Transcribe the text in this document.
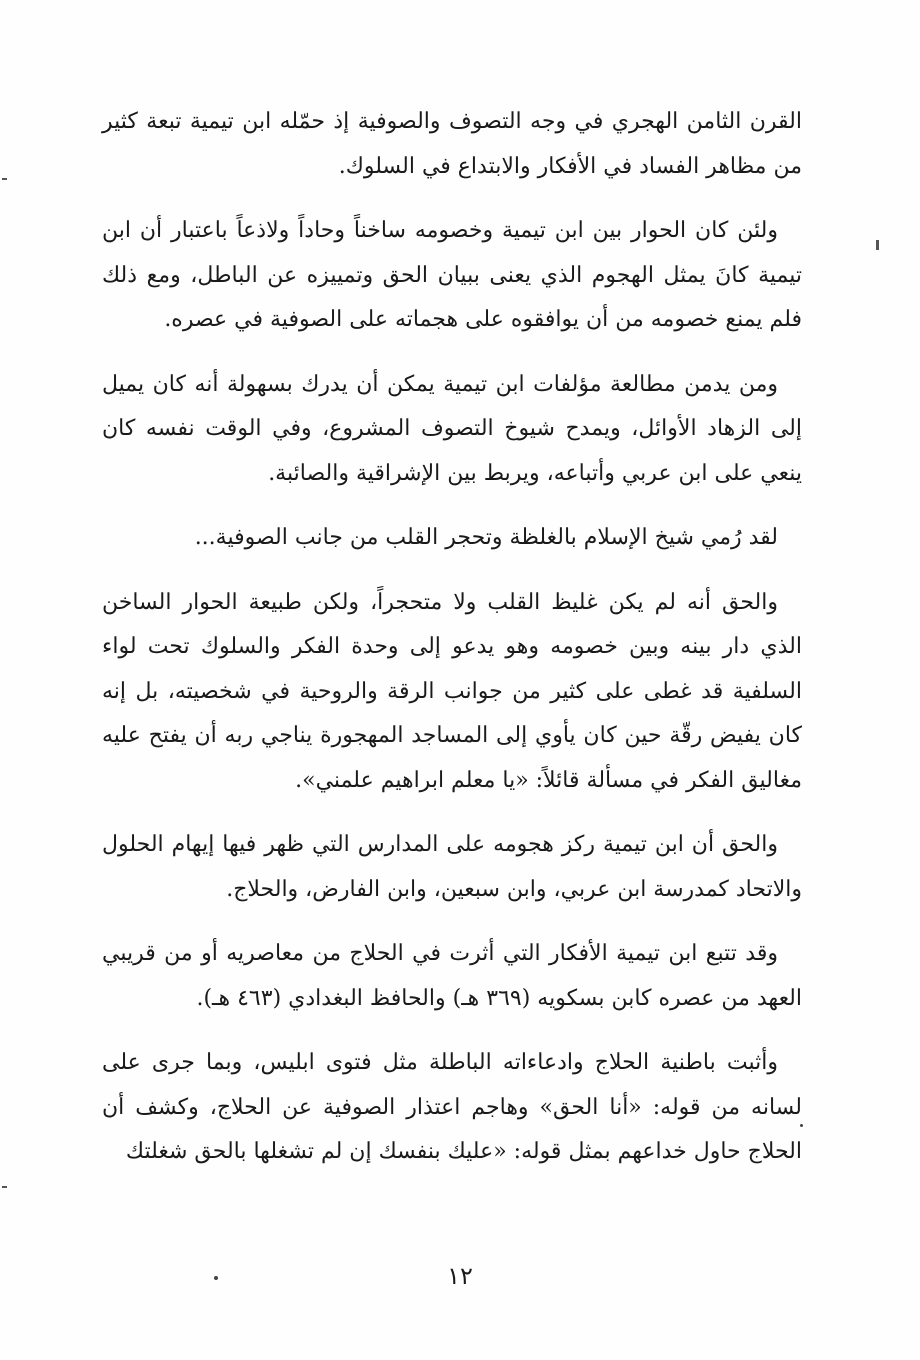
القرن الثامن الهجري في وجه التصوف والصوفية إذ حمّله ابن تيمية تبعة كثير من مظاهر الفساد في الأفكار والابتداع في السلوك.

ولئن كان الحوار بين ابن تيمية وخصومه ساخناً وحاداً ولاذعاً باعتبار أن ابن تيمية كانَ يمثل الهجوم الذي يعنى ببيان الحق وتمييزه عن الباطل، ومع ذلك فلم يمنع خصومه من أن يوافقوه على هجماته على الصوفية في عصره.

ومن يدمن مطالعة مؤلفات ابن تيمية يمكن أن يدرك بسهولة أنه كان يميل إلى الزهاد الأوائل، ويمدح شيوخ التصوف المشروع، وفي الوقت نفسه كان ينعي على ابن عربي وأتباعه، ويربط بين الإشراقية والصائبة.

لقد رُمي شيخ الإسلام بالغلظة وتحجر القلب من جانب الصوفية...

والحق أنه لم يكن غليظ القلب ولا متحجراً، ولكن طبيعة الحوار الساخن الذي دار بينه وبين خصومه وهو يدعو إلى وحدة الفكر والسلوك تحت لواء السلفية قد غطى على كثير من جوانب الرقة والروحية في شخصيته، بل إنه كان يفيض رقّة حين كان يأوي إلى المساجد المهجورة يناجي ربه أن يفتح عليه مغاليق الفكر في مسألة قائلاً: «يا معلم ابراهيم علمني».

والحق أن ابن تيمية ركز هجومه على المدارس التي ظهر فيها إيهام الحلول والاتحاد كمدرسة ابن عربي، وابن سبعين، وابن الفارض، والحلاج.

وقد تتبع ابن تيمية الأفكار التي أثرت في الحلاج من معاصريه أو من قريبي العهد من عصره كابن بسكويه (٣٦٩ هـ) والحافظ البغدادي (٤٦٣ هـ).

وأثبت باطنية الحلاج وادعاءاته الباطلة مثل فتوى ابليس، وبما جرى على لسانه من قوله: «أنا الحق» وهاجم اعتذار الصوفية عن الحلاج، وكشف أن الحلاج حاول خداعهم بمثل قوله: «عليك بنفسك إن لم تشغلها بالحق شغلتك

١٢
